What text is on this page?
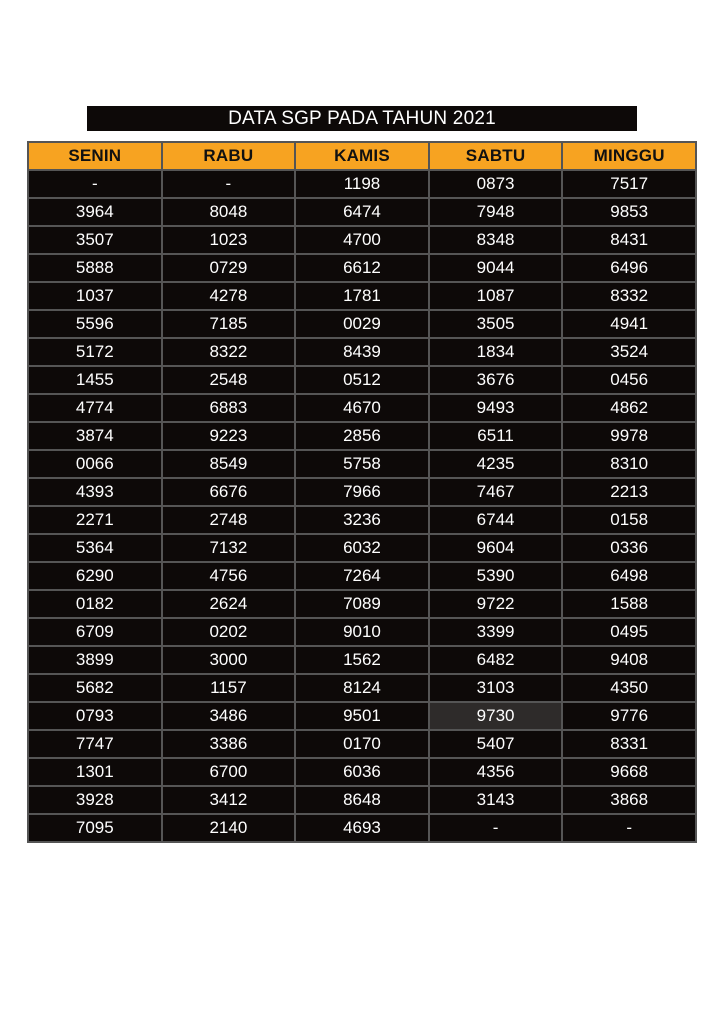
DATA SGP PADA TAHUN 2021
SENIN	RABU	KAMIS	SABTU	MINGGU
-	-	1198	0873	7517
3964	8048	6474	7948	9853
3507	1023	4700	8348	8431
5888	0729	6612	9044	6496
1037	4278	1781	1087	8332
5596	7185	0029	3505	4941
5172	8322	8439	1834	3524
1455	2548	0512	3676	0456
4774	6883	4670	9493	4862
3874	9223	2856	6511	9978
0066	8549	5758	4235	8310
4393	6676	7966	7467	2213
2271	2748	3236	6744	0158
5364	7132	6032	9604	0336
6290	4756	7264	5390	6498
0182	2624	7089	9722	1588
6709	0202	9010	3399	0495
3899	3000	1562	6482	9408
5682	1157	8124	3103	4350
0793	3486	9501	9730	9776
7747	3386	0170	5407	8331
1301	6700	6036	4356	9668
3928	3412	8648	3143	3868
7095	2140	4693	-	-
